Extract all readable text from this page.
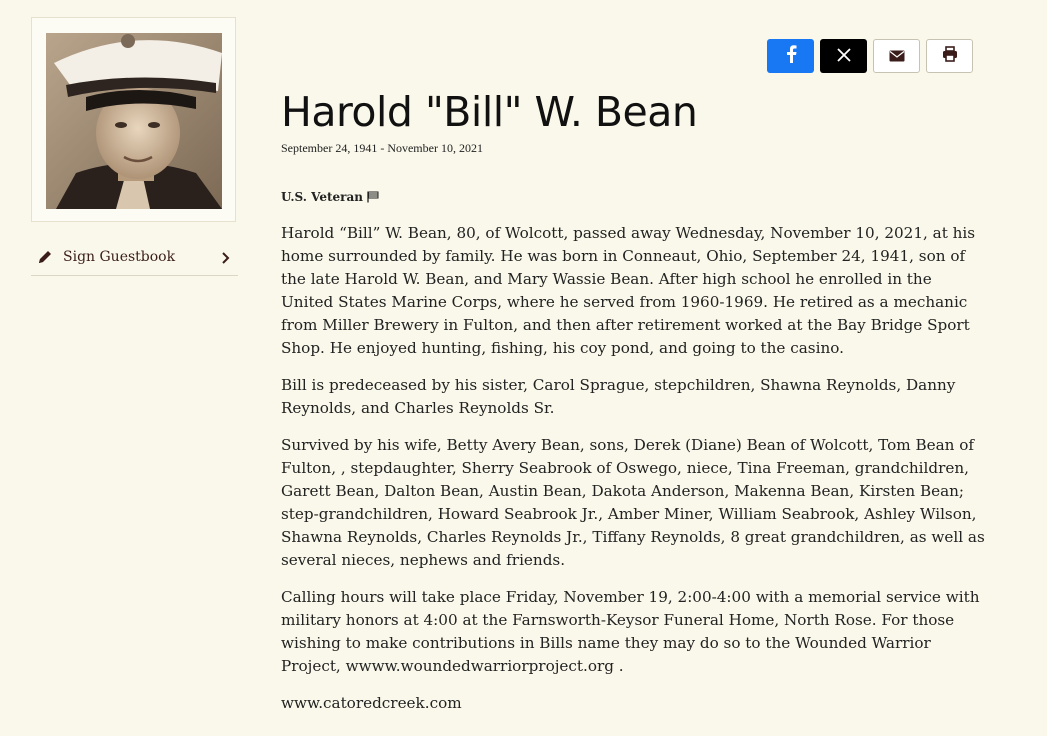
Sign Guestbook
Harold "Bill" W. Bean
September 24, 1941 - November 10, 2021
U.S. Veteran

Harold “Bill” W. Bean, 80, of Wolcott, passed away Wednesday, November 10, 2021, at his home surrounded by family. He was born in Conneaut, Ohio, September 24, 1941, son of the late Harold W. Bean, and Mary Wassie Bean. After high school he enrolled in the United States Marine Corps, where he served from 1960-1969. He retired as a mechanic from Miller Brewery in Fulton, and then after retirement worked at the Bay Bridge Sport Shop. He enjoyed hunting, fishing, his coy pond, and going to the casino.

Bill is predeceased by his sister, Carol Sprague, stepchildren, Shawna Reynolds, Danny Reynolds, and Charles Reynolds Sr.

Survived by his wife, Betty Avery Bean, sons, Derek (Diane) Bean of Wolcott, Tom Bean of Fulton, , stepdaughter, Sherry Seabrook of Oswego, niece, Tina Freeman, grandchildren, Garett Bean, Dalton Bean, Austin Bean, Dakota Anderson, Makenna Bean, Kirsten Bean; step-grandchildren, Howard Seabrook Jr., Amber Miner, William Seabrook, Ashley Wilson, Shawna Reynolds, Charles Reynolds Jr., Tiffany Reynolds, 8 great grandchildren, as well as several nieces, nephews and friends.

Calling hours will take place Friday, November 19, 2:00-4:00 with a memorial service with military honors at 4:00 at the Farnsworth-Keysor Funeral Home, North Rose. For those wishing to make contributions in Bills name they may do so to the Wounded Warrior Project, wwww.woundedwarriorproject.org .

www.catoredcreek.com
